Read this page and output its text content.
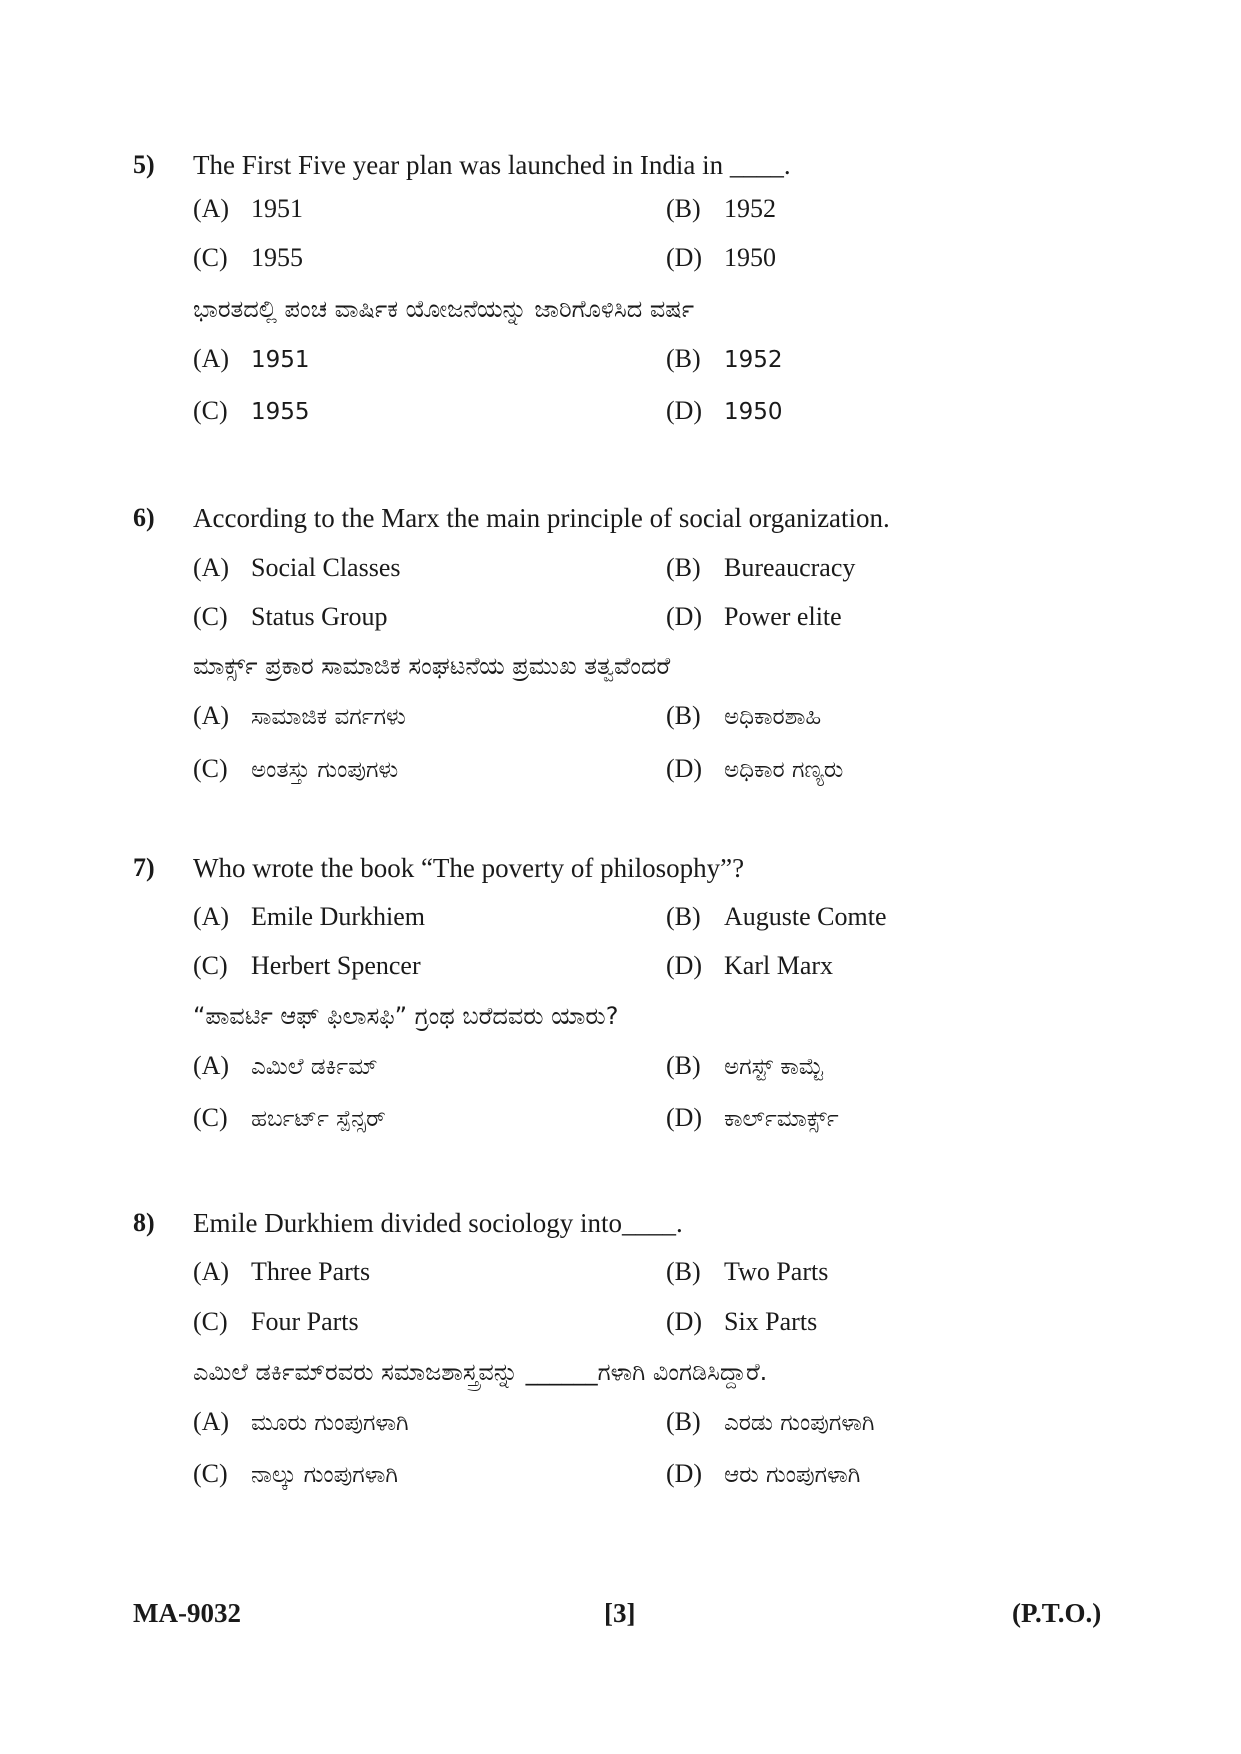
5) The First Five year plan was launched in India in ____.
(A) 1951	(B) 1952
(C) 1955	(D) 1950
ಭಾರತದಲ್ಲಿ ಪಂಚ ವಾರ್ಷಿಕ ಯೋಜನೆಯನ್ನು ಜಾರಿಗೊಳಿಸಿದ ವರ್ಷ
(A) 1951	(B) 1952
(C) 1955	(D) 1950
6) According to the Marx the main principle of social organization.
(A) Social Classes	(B) Bureaucracy
(C) Status Group	(D) Power elite
ಮಾರ್ಕ್ಸ್ ಪ್ರಕಾರ ಸಾಮಾಜಿಕ ಸಂಘಟನೆಯ ಪ್ರಮುಖ ತತ್ವವೆಂದರೆ
(A) ಸಾಮಾಜಿಕ ವರ್ಗಗಳು	(B) ಅಧಿಕಾರಶಾಹಿ
(C) ಅಂತಸ್ತು ಗುಂಪುಗಳು	(D) ಅಧಿಕಾರ ಗಣ್ಯರು
7) Who wrote the book “The poverty of philosophy”?
(A) Emile Durkhiem	(B) Auguste Comte
(C) Herbert Spencer	(D) Karl Marx
“ಪಾವರ್ಟಿ ಆಫ್ ಫಿಲಾಸಫಿ” ಗ್ರಂಥ ಬರೆದವರು ಯಾರು?
(A) ಎಮಿಲೆ ಡರ್ಕಿಮ್	(B) ಅಗಸ್ಟ್ ಕಾಮ್ಟೆ
(C) ಹರ್ಬರ್ಟ್ ಸ್ಪೆನ್ಸರ್	(D) ಕಾರ್ಲ್‌ಮಾರ್ಕ್ಸ್
8) Emile Durkhiem divided sociology into____.
(A) Three Parts	(B) Two Parts
(C) Four Parts	(D) Six Parts
ಎಮಿಲೆ ಡರ್ಕಿಮ್‌ರವರು ಸಮಾಜಶಾಸ್ತ್ರವನ್ನು ______ಗಳಾಗಿ ವಿಂಗಡಿಸಿದ್ದಾರೆ.
(A) ಮೂರು ಗುಂಪುಗಳಾಗಿ	(B) ಎರಡು ಗುಂಪುಗಳಾಗಿ
(C) ನಾಲ್ಕು ಗುಂಪುಗಳಾಗಿ	(D) ಆರು ಗುಂಪುಗಳಾಗಿ
MA-9032	[3]	(P.T.O.)
